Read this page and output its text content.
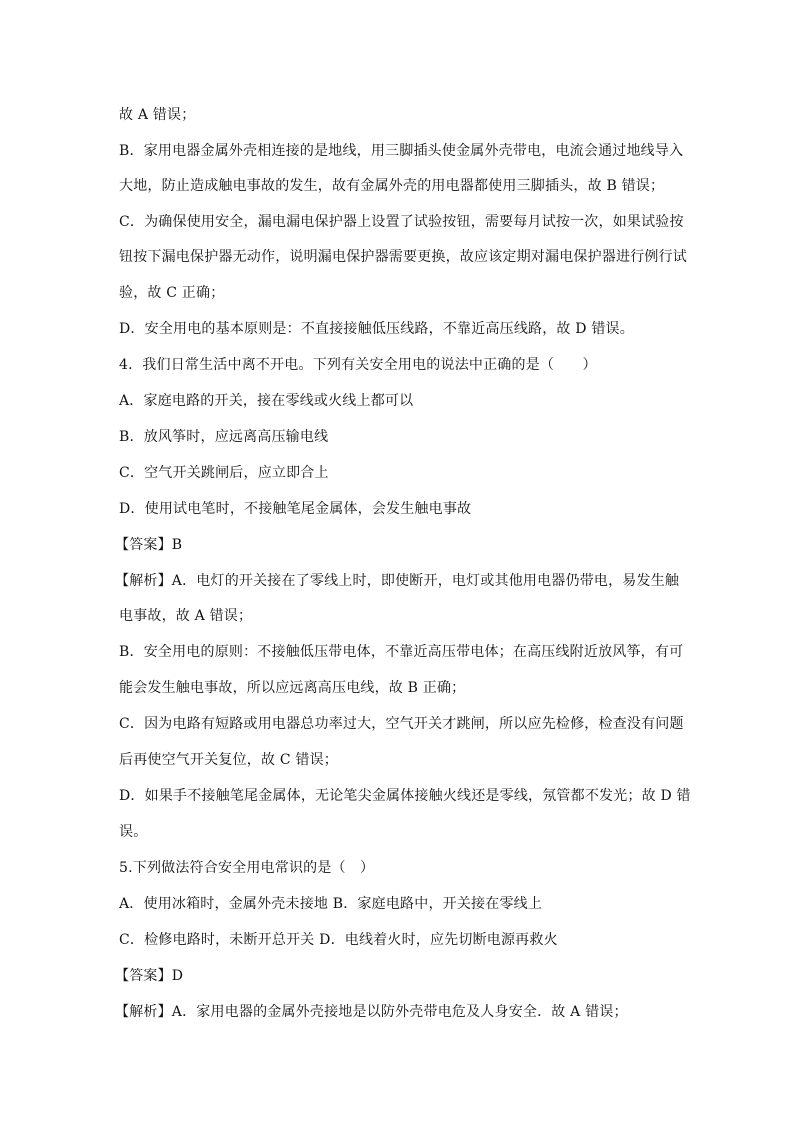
故 A 错误；
B．家用电器金属外壳相连接的是地线，用三脚插头使金属外壳带电，电流会通过地线导入
大地，防止造成触电事故的发生，故有金属外壳的用电器都使用三脚插头，故 B 错误；
C．为确保使用安全，漏电漏电保护器上设置了试验按钮，需要每月试按一次，如果试验按
钮按下漏电保护器无动作，说明漏电保护器需要更换，故应该定期对漏电保护器进行例行试
验，故 C 正确；
D．安全用电的基本原则是：不直接接触低压线路，不靠近高压线路，故 D 错误。
4．我们日常生活中离不开电。下列有关安全用电的说法中正确的是（　　）
A．家庭电路的开关，接在零线或火线上都可以
B．放风筝时，应远离高压输电线
C．空气开关跳闸后，应立即合上
D．使用试电笔时，不接触笔尾金属体，会发生触电事故
【答案】B
【解析】A．电灯的开关接在了零线上时，即使断开，电灯或其他用电器仍带电，易发生触
电事故，故 A 错误；
B．安全用电的原则：不接触低压带电体，不靠近高压带电体；在高压线附近放风筝，有可
能会发生触电事故，所以应远离高压电线，故 B 正确；
C．因为电路有短路或用电器总功率过大，空气开关才跳闸，所以应先检修，检查没有问题
后再使空气开关复位，故 C 错误；
D．如果手不接触笔尾金属体，无论笔尖金属体接触火线还是零线，氖管都不发光；故 D 错
误。
5.下列做法符合安全用电常识的是（　）
A．使用冰箱时，金属外壳未接地 B．家庭电路中，开关接在零线上
C．检修电路时，未断开总开关 D．电线着火时，应先切断电源再救火
【答案】D
【解析】A．家用电器的金属外壳接地是以防外壳带电危及人身安全．故 A 错误；
